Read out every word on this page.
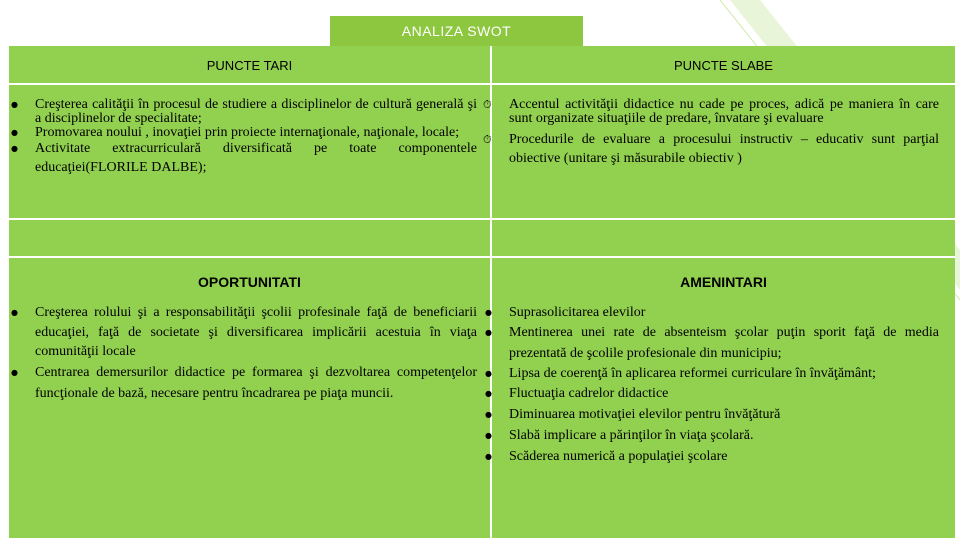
ANALIZA SWOT
PUNCTE TARI	PUNCTE SLABE
OPORTUNITATI	AMENINTARI
● Creşterea calităţii în procesul de studiere a disciplinelor de cultură generală şi a disciplinelor de specialitate;
● Promovarea noului , inovaţiei prin proiecte internaţionale, naţionale, locale;
● Activitate extracurriculară diversificată pe toate componentele educaţiei(FLORILE DALBE);
⏱ Accentul activităţii didactice nu cade pe proces, adică pe maniera în care sunt organizate situaţiile de predare, învatare şi evaluare
⏱ Procedurile de evaluare a procesului instructiv – educativ sunt parţial obiective (unitare şi măsurabile obiectiv )
● Creşterea rolului şi a responsabilităţii şcolii profesinale faţă de beneficiarii educaţiei, faţă de societate şi diversificarea implicării acestuia în viaţa comunităţii locale
● Centrarea demersurilor didactice pe formarea şi dezvoltarea competenţelor funcţionale de bază, necesare pentru încadrarea pe piaţa muncii.
● Suprasolicitarea elevilor
● Mentinerea unei rate de absenteism şcolar puţin sporit faţă de media prezentată de şcolile profesionale din municipiu;
● Lipsa de coerenţă în aplicarea reformei curriculare în învăţământ;
● Fluctuaţia cadrelor didactice
● Diminuarea motivaţiei elevilor pentru învăţătură
● Slabă implicare a părinţilor în viaţa şcolară.
● Scăderea numerică a populaţiei şcolare
